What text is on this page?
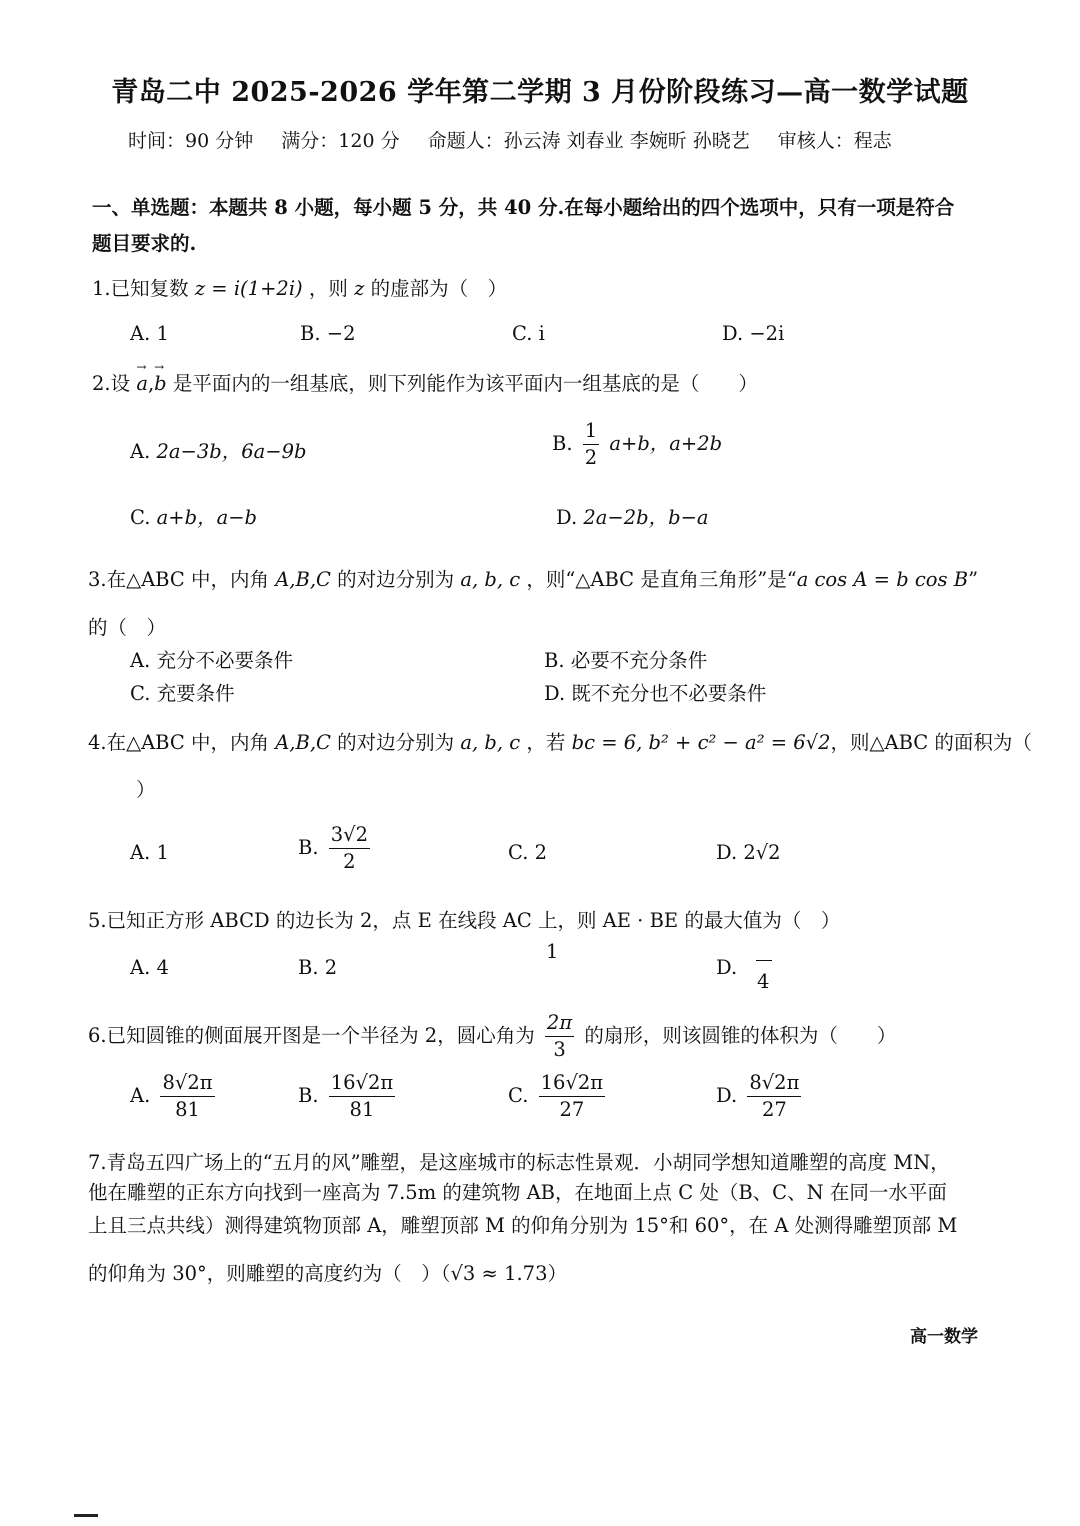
青岛二中 2025-2026 学年第二学期 3 月份阶段练习—高一数学试题
时间：90 分钟 满分：120 分 命题人：孙云涛 刘春业 李婉昕 孙晓艺 审核人：程志
一、单选题：本题共 8 小题，每小题 5 分，共 40 分.在每小题给出的四个选项中，只有一项是符合
题目要求的.
1.已知复数 z = i(1+2i) ，则 z 的虚部为（　）
A. 1	B. −2	C. i	D. −2i
2.设 → a,→ b 是平面内的一组基底，则下列能作为该平面内一组基底的是（　　）
A. 2a−3b，6a−9b	B. $\frac{1}{2} a+b$，a+2b
C. a+b，a−b	D. 2a−2b，b−a
3.在△ABC 中，内角 A,B,C 的对边分别为 a, b, c ，则“△ABC 是直角三角形”是“a cos A = b cos B”
的（　）
A. 充分不必要条件	B. 必要不充分条件
C. 充要条件	D. 既不充分也不必要条件
4.在△ABC 中，内角 A,B,C 的对边分别为 a, b, c ，若 bc = 6, b² + c² − a² = 6√2，则△ABC 的面积为（
）
A. 1	B. $\frac{3√2}{2}$	C. 2	D. 2√2
5.已知正方形 ABCD 的边长为 2，点 E 在线段 AC 上，则 AE · BE 的最大值为（　）
A. 4	B. 2
1
D.
4
6.已知圆锥的侧面展开图是一个半径为 2，圆心角为 $\frac{2\pi}{3}$ 的扇形，则该圆锥的体积为（　　）
A. $\frac{8√2\pi}{81}$	B. $\frac{16√2\pi}{81}$	C. $\frac{16√2\pi}{27}$	D. $\frac{8√2\pi}{27}$
7.青岛五四广场上的“五月的风”雕塑，是这座城市的标志性景观．小胡同学想知道雕塑的高度 MN，
他在雕塑的正东方向找到一座高为 7.5m 的建筑物 AB，在地面上点 C 处（B、C、N 在同一水平面
上且三点共线）测得建筑物顶部 A，雕塑顶部 M 的仰角分别为 15°和 60°，在 A 处测得雕塑顶部 M
的仰角为 30°，则雕塑的高度约为（　）（√3 ≈ 1.73）
高一数学
